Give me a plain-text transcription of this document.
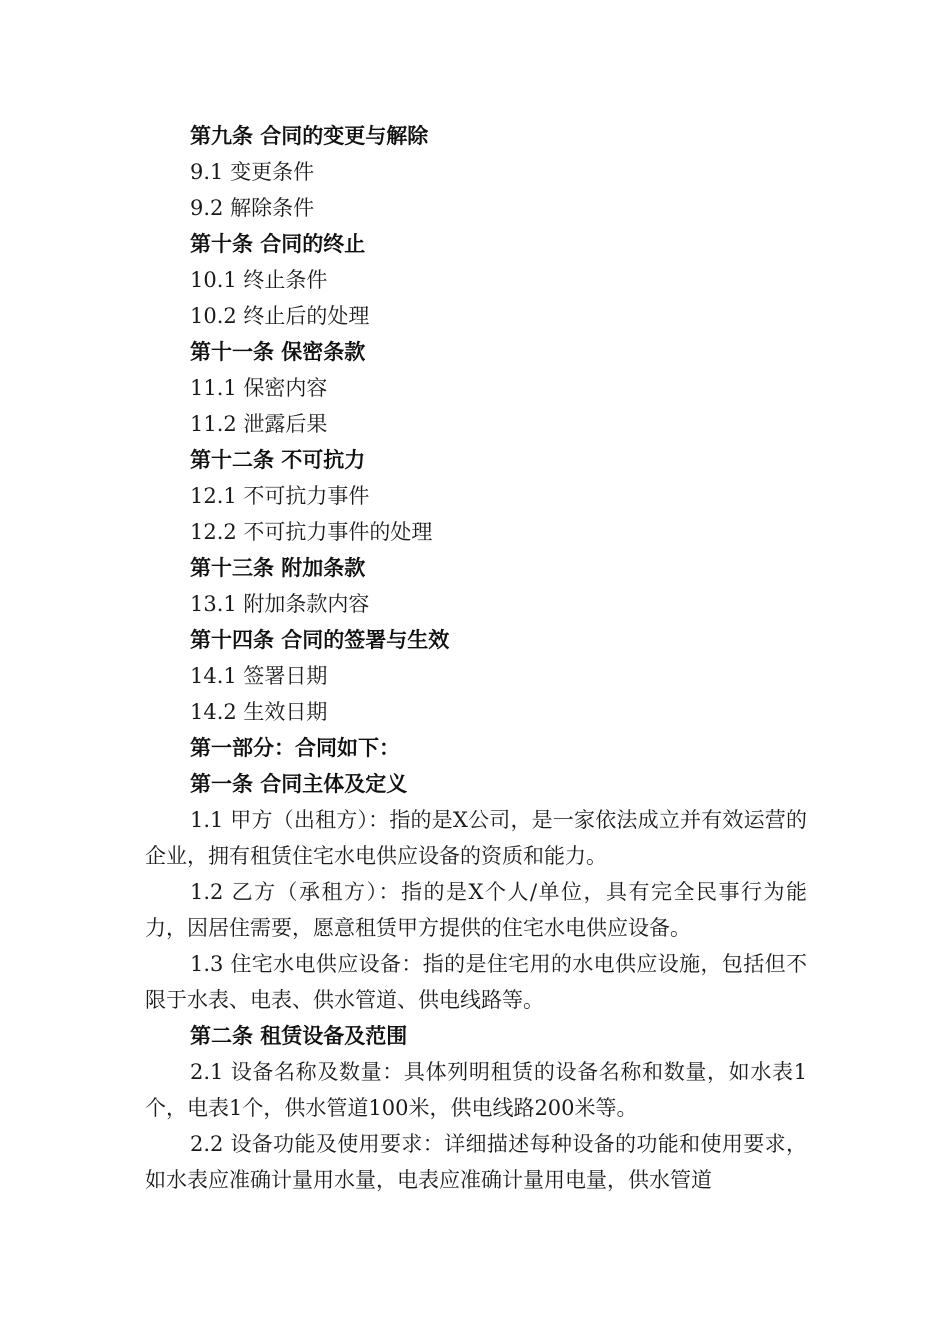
第九条 合同的变更与解除
9.1 变更条件
9.2 解除条件
第十条 合同的终止
10.1 终止条件
10.2 终止后的处理
第十一条 保密条款
11.1 保密内容
11.2 泄露后果
第十二条 不可抗力
12.1 不可抗力事件
12.2 不可抗力事件的处理
第十三条 附加条款
13.1 附加条款内容
第十四条 合同的签署与生效
14.1 签署日期
14.2 生效日期
第一部分：合同如下：
第一条 合同主体及定义

1.1 甲方（出租方）：指的是X公司，是一家依法成立并有效运营的企业，拥有租赁住宅水电供应设备的资质和能力。

1.2 乙方（承租方）：指的是X个人/单位，具有完全民事行为能力，因居住需要，愿意租赁甲方提供的住宅水电供应设备。

1.3 住宅水电供应设备：指的是住宅用的水电供应设施，包括但不限于水表、电表、供水管道、供电线路等。

第二条 租赁设备及范围

2.1 设备名称及数量：具体列明租赁的设备名称和数量，如水表1个，电表1个，供水管道100米，供电线路200米等。

2.2 设备功能及使用要求：详细描述每种设备的功能和使用要求，如水表应准确计量用水量，电表应准确计量用电量，供水管道
